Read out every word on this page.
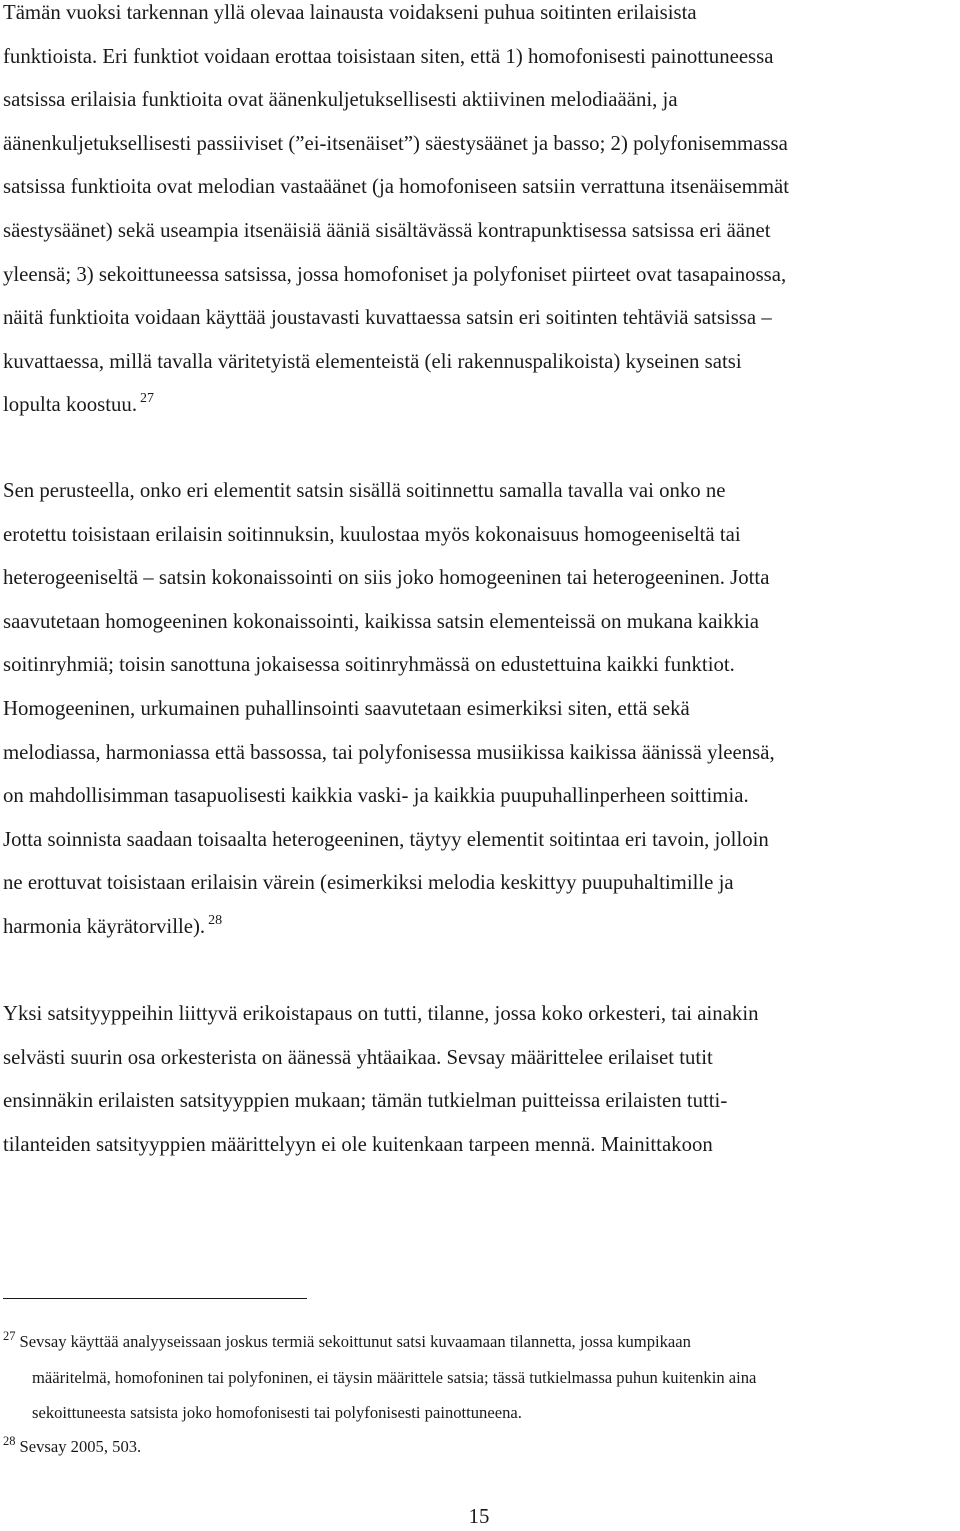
Tämän vuoksi tarkennan yllä olevaa lainausta voidakseni puhua soitinten erilaisista
funktioista. Eri funktiot voidaan erottaa toisistaan siten, että 1) homofonisesti painottuneessa
satsissa erilaisia funktioita ovat äänenkuljetuksellisesti aktiivinen melodiaääni, ja
äänenkuljetuksellisesti passiiviset (”ei-itsenäiset”) säestysäänet ja basso; 2) polyfonisemmassa
satsissa funktioita ovat melodian vastaäänet (ja homofoniseen satsiin verrattuna itsenäisemmät
säestysäänet) sekä useampia itsenäisiä ääniä sisältävässä kontrapunktisessa satsissa eri äänet
yleensä; 3) sekoittuneessa satsissa, jossa homofoniset ja polyfoniset piirteet ovat tasapainossa,
näitä funktioita voidaan käyttää joustavasti kuvattaessa satsin eri soitinten tehtäviä satsissa –
kuvattaessa, millä tavalla väritetyistä elementeistä (eli rakennuspalikoista) kyseinen satsi
lopulta koostuu. $^{27}$
Sen perusteella, onko eri elementit satsin sisällä soitinnettu samalla tavalla vai onko ne
erotettu toisistaan erilaisin soitinnuksin, kuulostaa myös kokonaisuus homogeeniseltä tai
heterogeeniseltä – satsin kokonaissointi on siis joko homogeeninen tai heterogeeninen. Jotta
saavutetaan homogeeninen kokonaissointi, kaikissa satsin elementeissä on mukana kaikkia
soitinryhmiä; toisin sanottuna jokaisessa soitinryhmässä on edustettuina kaikki funktiot.
Homogeeninen, urkumainen puhallinsointi saavutetaan esimerkiksi siten, että sekä
melodiassa, harmoniassa että bassossa, tai polyfonisessa musiikissa kaikissa äänissä yleensä,
on mahdollisimman tasapuolisesti kaikkia vaski- ja kaikkia puupuhallinperheen soittimia.
Jotta soinnista saadaan toisaalta heterogeeninen, täytyy elementit soitintaa eri tavoin, jolloin
ne erottuvat toisistaan erilaisin värein (esimerkiksi melodia keskittyy puupuhaltimille ja
harmonia käyrätorville). $^{28}$
Yksi satsityyppeihin liittyvä erikoistapaus on tutti, tilanne, jossa koko orkesteri, tai ainakin
selvästi suurin osa orkesterista on äänessä yhtäaikaa. Sevsay määrittelee erilaiset tutit
ensinnäkin erilaisten satsityyppien mukaan; tämän tutkielman puitteissa erilaisten tutti-
tilanteiden satsityyppien määrittelyyn ei ole kuitenkaan tarpeen mennä. Mainittakoon
$^{27}$ Sevsay käyttää analyyseissaan joskus termiä sekoittunut satsi kuvaamaan tilannetta, jossa kumpikaan
määritelmä, homofoninen tai polyfoninen, ei täysin määrittele satsia; tässä tutkielmassa puhun kuitenkin aina
sekoittuneesta satsista joko homofonisesti tai polyfonisesti painottuneena.
$^{28}$ Sevsay 2005, 503.
15
